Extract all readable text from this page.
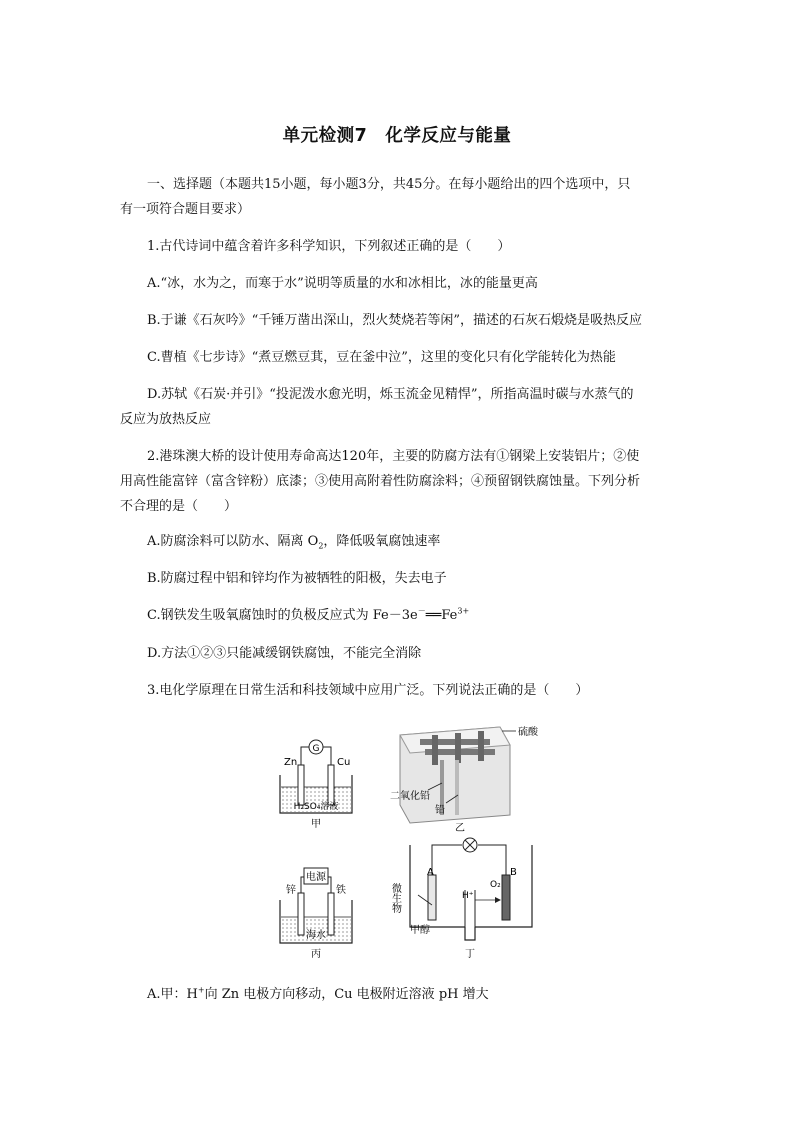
单元检测7　化学反应与能量
一、选择题（本题共15小题，每小题3分，共45分。在每小题给出的四个选项中，只
有一项符合题目要求）
1.古代诗词中蕴含着许多科学知识，下列叙述正确的是（　　）
A.“冰，水为之，而寒于水”说明等质量的水和冰相比，冰的能量更高
B.于谦《石灰吟》“千锤万凿出深山，烈火焚烧若等闲”，描述的石灰石煅烧是吸热反应
C.曹植《七步诗》“煮豆燃豆萁，豆在釜中泣”，这里的变化只有化学能转化为热能
D.苏轼《石炭·并引》“投泥泼水愈光明，烁玉流金见精悍”，所指高温时碳与水蒸气的
反应为放热反应
2.港珠澳大桥的设计使用寿命高达120年，主要的防腐方法有①钢梁上安装铝片；②使
用高性能富锌（富含锌粉）底漆；③使用高附着性防腐涂料；④预留钢铁腐蚀量。下列分析
不合理的是（　　）
A.防腐涂料可以防水、隔离 $O_2$，降低吸氧腐蚀速率
B.防腐过程中铝和锌均作为被牺牲的阳极，失去电子
C.钢铁发生吸氧腐蚀时的负极反应式为 $Fe-3e^-══Fe^{3+}$
D.方法①②③只能减缓钢铁腐蚀，不能完全消除
3.电化学原理在日常生活和科技领域中应用广泛。下列说法正确的是（　　）
G
Zn	Cu
H₂SO₄溶液
甲
硫酸
二氧化铅
铅
乙
电源
锌	铁
海水
丙
A	B
O₂
H⁺
微生物
甲醇
丁
A.甲：H+向 Zn 电极方向移动，Cu 电极附近溶液 pH 增大
